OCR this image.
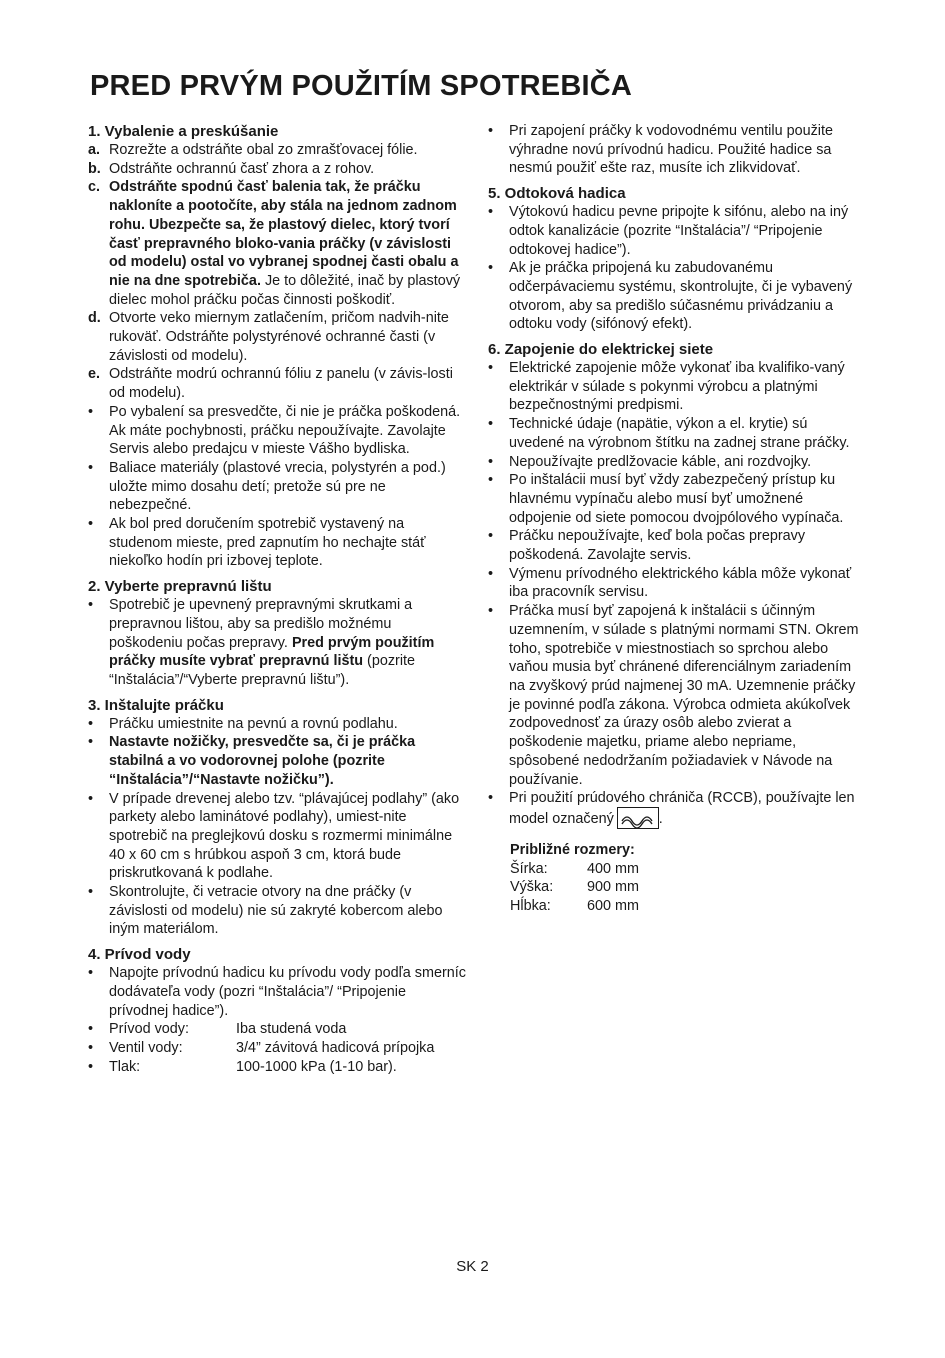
PRED PRVÝM POUŽITÍM SPOTREBIČA
1. Vybalenie a preskúšanie
a. Rozrežte a odstráňte obal zo zmrašťovacej fólie.
b. Odstráňte ochrannú časť zhora a z rohov.
c. Odstráňte spodnú časť balenia tak, že práčku nakloníte a pootočíte, aby stála na jednom zadnom rohu. Ubezpečte sa, že plastový dielec, ktorý tvorí časť prepravného bloko-vania práčky (v závislosti od modelu) ostal vo vybranej spodnej časti obalu a nie na dne spotrebiča. Je to dôležité, inač by plastový dielec mohol práčku počas činnosti poškodiť.
d. Otvorte veko miernym zatlačením, pričom nadvih-nite rukoväť. Odstráňte polystyrénové ochranné časti (v závislosti od modelu).
e. Odstráňte modrú ochrannú fóliu z panelu (v závis-losti od modelu).
• Po vybalení sa presvedčte, či nie je práčka poškodená. Ak máte pochybnosti, práčku nepoužívajte. Zavolajte Servis alebo predajcu v mieste Vášho bydliska.
• Baliace materiály (plastové vrecia, polystyrén a pod.) uložte mimo dosahu detí; pretože sú pre ne nebezpečné.
• Ak bol pred doručením spotrebič vystavený na studenom mieste, pred zapnutím ho nechajte stáť niekoľko hodín pri izbovej teplote.
2. Vyberte prepravnú lištu
• Spotrebič je upevnený prepravnými skrutkami a prepravnou lištou, aby sa predišlo možnému poškodeniu počas prepravy. Pred prvým použitím práčky musíte vybrať prepravnú lištu (pozrite “Inštalácia”/“Vyberte prepravnú lištu”).
3. Inštalujte práčku
• Práčku umiestnite na pevnú a rovnú podlahu.
• Nastavte nožičky, presvedčte sa, či je práčka stabilná a vo vodorovnej polohe (pozrite “Inštalácia”/“Nastavte nožičku”).
• V prípade drevenej alebo tzv. “plávajúcej podlahy” (ako parkety alebo laminátové podlahy), umiest-nite spotrebič na preglejkovú dosku s rozmermi minimálne 40 x 60 cm s hrúbkou aspoň 3 cm, ktorá bude priskrutkovaná k podlahe.
• Skontrolujte, či vetracie otvory na dne práčky (v závislosti od modelu) nie sú zakryté kobercom alebo iným materiálom.
4. Prívod vody
• Napojte prívodnú hadicu ku prívodu vody podľa smerníc dodávateľa vody (pozri “Inštalácia”/ “Pripojenie prívodnej hadice”).
• Prívod vody:	Iba studená voda
• Ventil vody:	3/4” závitová hadicová prípojka
• Tlak:	100-1000 kPa (1-10 bar).
• Pri zapojení práčky k vodovodnému ventilu použite výhradne novú prívodnú hadicu. Použité hadice sa nesmú použiť ešte raz, musíte ich zlikvidovať.
5. Odtoková hadica
• Výtokovú hadicu pevne pripojte k sifónu, alebo na iný odtok kanalizácie (pozrite “Inštalácia”/ “Pripojenie odtokovej hadice”).
• Ak je práčka pripojená ku zabudovanému odčerpávaciemu systému, skontrolujte, či je vybavený otvorom, aby sa predišlo súčasnému privádzaniu a odtoku vody (sifónový efekt).
6. Zapojenie do elektrickej siete
• Elektrické zapojenie môže vykonať iba kvalifiko-vaný elektrikár v súlade s pokynmi výrobcu a platnými bezpečnostnými predpismi.
• Technické údaje (napätie, výkon a el. krytie) sú uvedené na výrobnom štítku na zadnej strane práčky.
• Nepoužívajte predlžovacie káble, ani rozdvojky.
• Po inštalácii musí byť vždy zabezpečený prístup ku hlavnému vypínaču alebo musí byť umožnené odpojenie od siete pomocou dvojpólového vypínača.
• Práčku nepoužívajte, keď bola počas prepravy poškodená. Zavolajte servis.
• Výmenu prívodného elektrického kábla môže vykonať iba pracovník servisu.
• Práčka musí byť zapojená k inštalácii s účinným uzemnením, v súlade s platnými normami STN. Okrem toho, spotrebiče v miestnostiach so sprchou alebo vaňou musia byť chránené diferenciálnym zariadením na zvyškový prúd najmenej 30 mA. Uzemnenie práčky je povinné podľa zákona. Výrobca odmieta akúkoľvek zodpovednosť za úrazy osôb alebo zvierat a poškodenie majetku, priame alebo nepriame, spôsobené nedodržaním požiadaviek v Návode na používanie.
• Pri použití prúdového chrániča (RCCB), používajte len model označený	.
Približné rozmery:
Šírka:	400 mm
Výška: 900 mm
Hĺbka:	600 mm
SK 2
